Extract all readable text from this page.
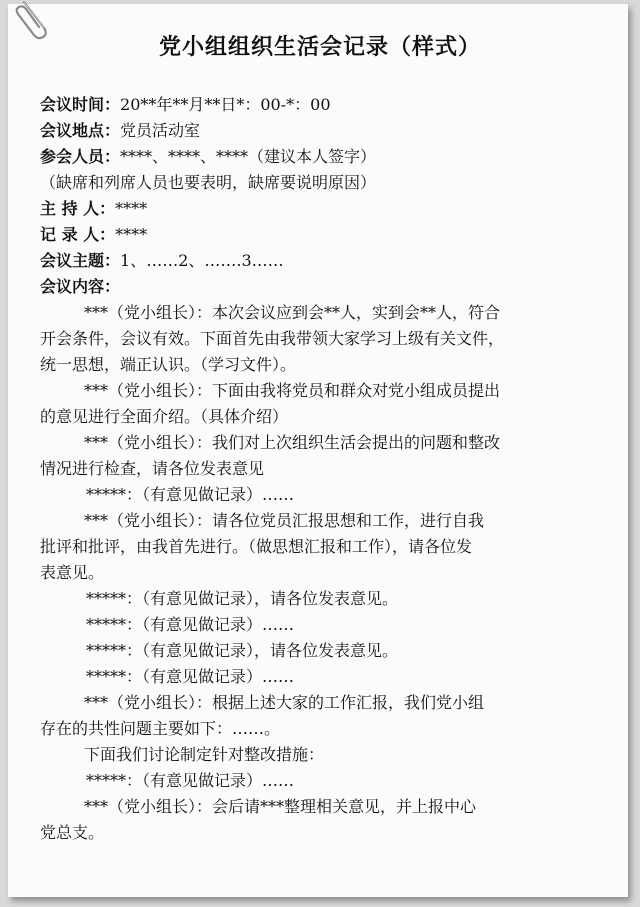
党小组组织生活会记录（样式）
会议时间：20**年**月**日*：00-*：00
会议地点：党员活动室
参会人员：****、****、****（建议本人签字）
（缺席和列席人员也要表明，缺席要说明原因）
主 持 人：****
记 录 人：****
会议主题：1、……2、…….3……
会议内容：
***（党小组长）：本次会议应到会**人，实到会**人，符合
开会条件，会议有效。下面首先由我带领大家学习上级有关文件，
统一思想，端正认识。（学习文件）。
***（党小组长）：下面由我将党员和群众对党小组成员提出
的意见进行全面介绍。（具体介绍）
***（党小组长）：我们对上次组织生活会提出的问题和整改
情况进行检查，请各位发表意见
*****：（有意见做记录）……
***（党小组长）：请各位党员汇报思想和工作，进行自我
批评和批评，由我首先进行。（做思想汇报和工作），请各位发
表意见。
*****：（有意见做记录），请各位发表意见。
*****：（有意见做记录）……
*****：（有意见做记录），请各位发表意见。
*****：（有意见做记录）……
***（党小组长）：根据上述大家的工作汇报，我们党小组
存在的共性问题主要如下：……。
下面我们讨论制定针对整改措施：
*****：（有意见做记录）……
***（党小组长）：会后请***整理相关意见，并上报中心
党总支。
